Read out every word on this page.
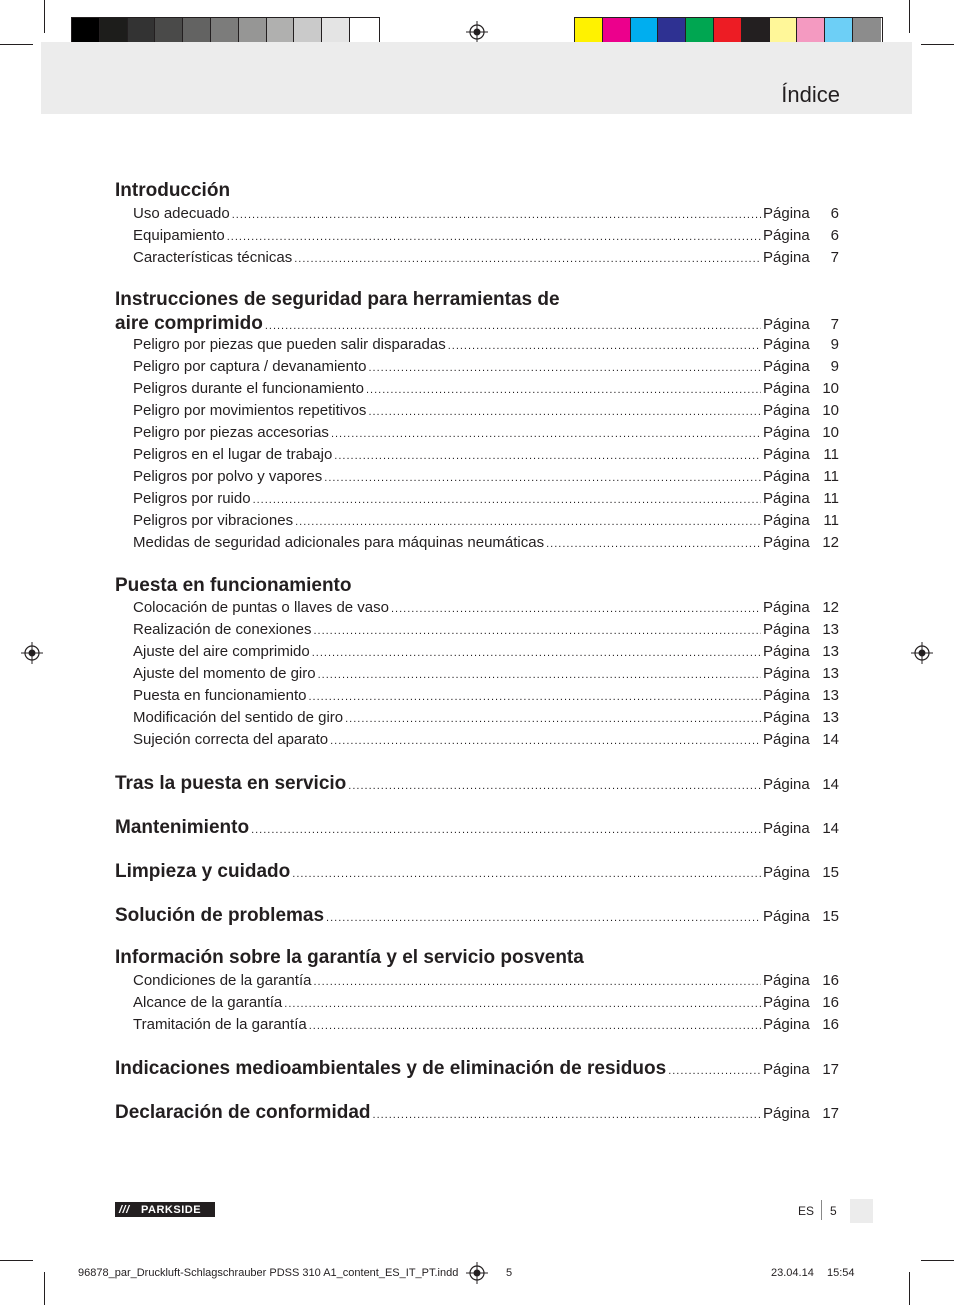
Índice
Introducción
Uso adecuado .....	Página	6
Equipamiento .....	Página	6
Características técnicas .....	Página	7
Instrucciones de seguridad para herramientas de
aire comprimido .....	Página	7
Peligro por piezas que pueden salir disparadas .....	Página	9
Peligro por captura / devanamiento .....	Página	9
Peligros durante el funcionamiento .....	Página 10
Peligro por movimientos repetitivos .....	Página 10
Peligro por piezas accesorias .....	Página 10
Peligros en el lugar de trabajo .....	Página 11
Peligros por polvo y vapores .....	Página 11
Peligros por ruido .....	Página 11
Peligros por vibraciones .....	Página 11
Medidas de seguridad adicionales para máquinas neumáticas .....	Página 12
Puesta en funcionamiento
Colocación de puntas o llaves de vaso .....	Página 12
Realización de conexiones .....	Página 13
Ajuste del aire comprimido .....	Página 13
Ajuste del momento de giro .....	Página 13
Puesta en funcionamiento .....	Página 13
Modificación del sentido de giro .....	Página 13
Sujeción correcta del aparato .....	Página 14
Tras la puesta en servicio .....	Página 14
Mantenimiento .....	Página 14
Limpieza y cuidado .....	Página 15
Solución de problemas .....	Página 15
Información sobre la garantía y el servicio posventa
Condiciones de la garantía .....	Página 16
Alcance de la garantía .....	Página 16
Tramitación de la garantía .....	Página 16
Indicaciones medioambientales y de eliminación de residuos .....	Página 17
Declaración de conformidad .....	Página 17
///	PARKSIDE	ES 5
96878_par_Druckluft-Schlagschrauber PDSS 310 A1_content_ES_IT_PT.indd	5	23.04.14 15:54
